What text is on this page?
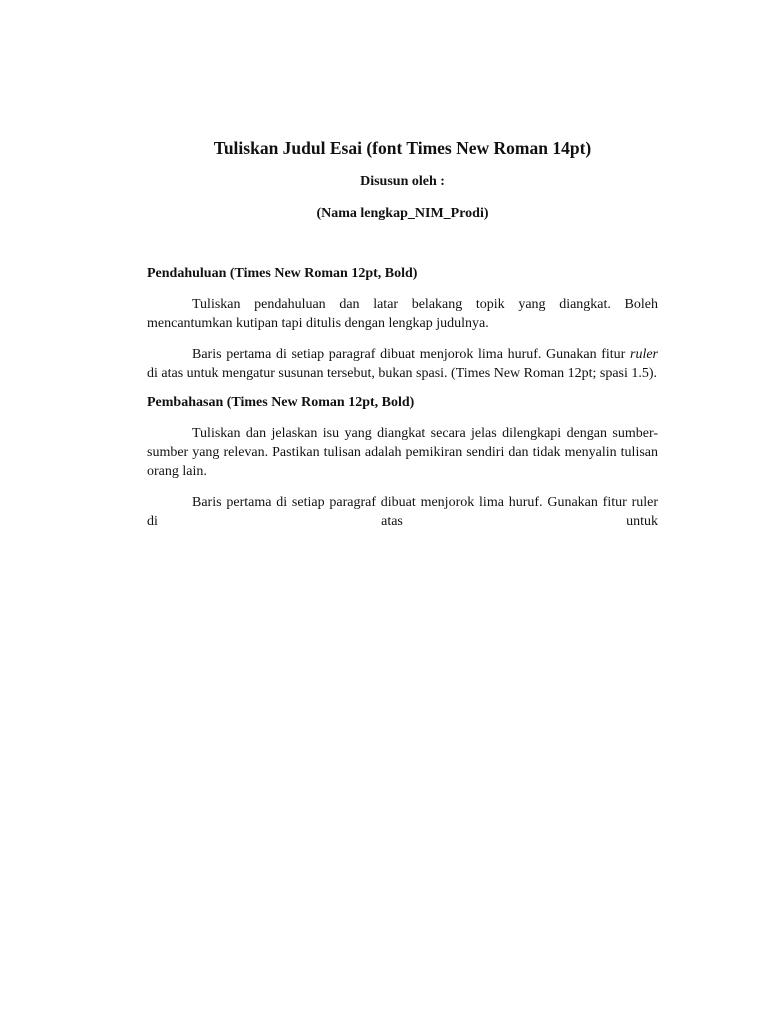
Tuliskan Judul Esai (font Times New Roman 14pt)

Disusun oleh :

(Nama lengkap_NIM_Prodi)

Pendahuluan (Times New Roman 12pt, Bold)

Tuliskan pendahuluan dan latar belakang topik yang diangkat. Boleh mencantumkan kutipan tapi ditulis dengan lengkap judulnya.

Baris pertama di setiap paragraf dibuat menjorok lima huruf. Gunakan fitur ruler di atas untuk mengatur susunan tersebut, bukan spasi. (Times New Roman 12pt; spasi 1.5).

Pembahasan (Times New Roman 12pt, Bold)

Tuliskan dan jelaskan isu yang diangkat secara jelas dilengkapi dengan sumber-sumber yang relevan. Pastikan tulisan adalah pemikiran sendiri dan tidak menyalin tulisan orang lain.

Baris pertama di setiap paragraf dibuat menjorok lima huruf. Gunakan fitur ruler di atas untuk
